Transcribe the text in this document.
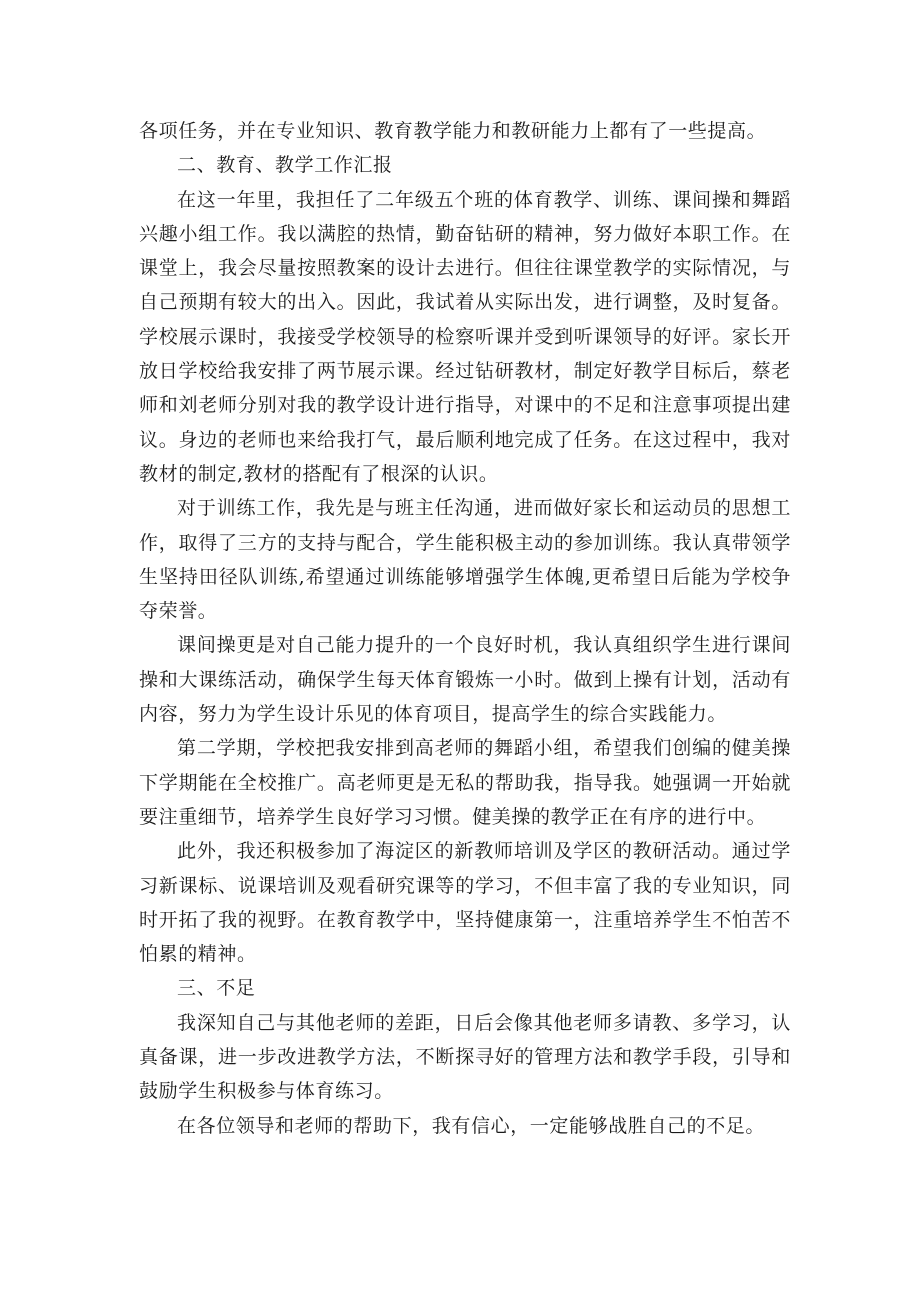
各项任务，并在专业知识、教育教学能力和教研能力上都有了一些提高。

二、教育、教学工作汇报

在这一年里，我担任了二年级五个班的体育教学、训练、课间操和舞蹈兴趣小组工作。我以满腔的热情，勤奋钻研的精神，努力做好本职工作。在课堂上，我会尽量按照教案的设计去进行。但往往课堂教学的实际情况，与自己预期有较大的出入。因此，我试着从实际出发，进行调整，及时复备。学校展示课时，我接受学校领导的检察听课并受到听课领导的好评。家长开放日学校给我安排了两节展示课。经过钻研教材，制定好教学目标后，蔡老师和刘老师分别对我的教学设计进行指导，对课中的不足和注意事项提出建议。身边的老师也来给我打气，最后顺利地完成了任务。在这过程中，我对教材的制定,教材的搭配有了根深的认识。

对于训练工作，我先是与班主任沟通，进而做好家长和运动员的思想工作，取得了三方的支持与配合，学生能积极主动的参加训练。我认真带领学生坚持田径队训练,希望通过训练能够增强学生体魄,更希望日后能为学校争夺荣誉。

课间操更是对自己能力提升的一个良好时机，我认真组织学生进行课间操和大课练活动，确保学生每天体育锻炼一小时。做到上操有计划，活动有内容，努力为学生设计乐见的体育项目，提高学生的综合实践能力。

第二学期，学校把我安排到高老师的舞蹈小组，希望我们创编的健美操下学期能在全校推广。高老师更是无私的帮助我，指导我。她强调一开始就要注重细节，培养学生良好学习习惯。健美操的教学正在有序的进行中。

此外，我还积极参加了海淀区的新教师培训及学区的教研活动。通过学习新课标、说课培训及观看研究课等的学习，不但丰富了我的专业知识，同时开拓了我的视野。在教育教学中，坚持健康第一，注重培养学生不怕苦不怕累的精神。

三、不足

我深知自己与其他老师的差距，日后会像其他老师多请教、多学习，认真备课，进一步改进教学方法，不断探寻好的管理方法和教学手段，引导和鼓励学生积极参与体育练习。

在各位领导和老师的帮助下，我有信心，一定能够战胜自己的不足。
